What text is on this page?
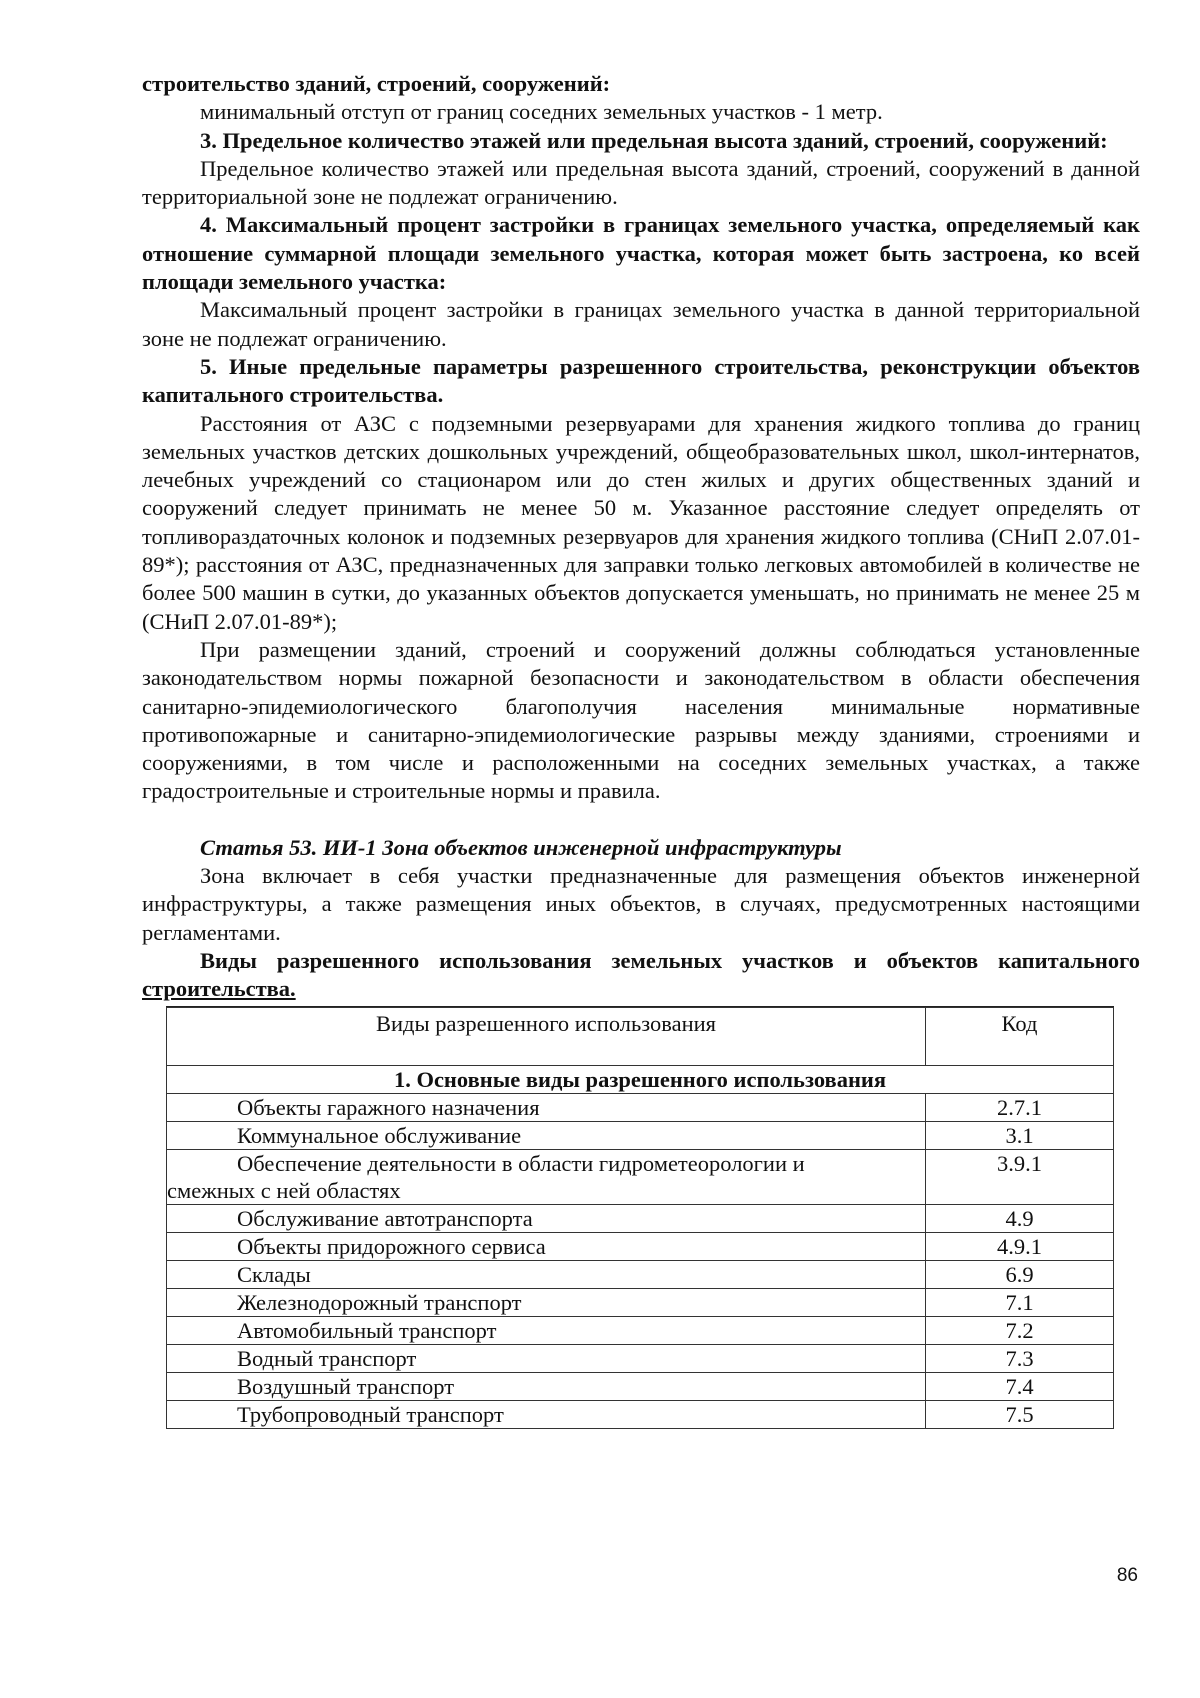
строительство зданий, строений, сооружений:

минимальный отступ от границ соседних земельных участков - 1 метр.

3. Предельное количество этажей или предельная высота зданий, строений, сооружений:

Предельное количество этажей или предельная высота зданий, строений, сооружений в данной территориальной зоне не подлежат ограничению.

4. Максимальный процент застройки в границах земельного участка, определяемый как отношение суммарной площади земельного участка, которая может быть застроена, ко всей площади земельного участка:

Максимальный процент застройки в границах земельного участка в данной территориальной зоне не подлежат ограничению.

5. Иные предельные параметры разрешенного строительства, реконструкции объектов капитального строительства.

Расстояния от АЗС с подземными резервуарами для хранения жидкого топлива до границ земельных участков детских дошкольных учреждений, общеобразовательных школ, школ-интернатов, лечебных учреждений со стационаром или до стен жилых и других общественных зданий и сооружений следует принимать не менее 50 м. Указанное расстояние следует определять от топливораздаточных колонок и подземных резервуаров для хранения жидкого топлива (СНиП 2.07.01-89*); расстояния от АЗС, предназначенных для заправки только легковых автомобилей в количестве не более 500 машин в сутки, до указанных объектов допускается уменьшать, но принимать не менее 25 м (СНиП 2.07.01-89*);

При размещении зданий, строений и сооружений должны соблюдаться установленные законодательством нормы пожарной безопасности и законодательством в области обеспечения санитарно-эпидемиологического благополучия населения минимальные нормативные противопожарные и санитарно-эпидемиологические разрывы между зданиями, строениями и сооружениями, в том числе и расположенными на соседних земельных участках, а также градостроительные и строительные нормы и правила.

Статья 53. ИИ-1 Зона объектов инженерной инфраструктуры

Зона включает в себя участки предназначенные для размещения объектов инженерной инфраструктуры, а также размещения иных объектов, в случаях, предусмотренных настоящими регламентами.

Виды разрешенного использования земельных участков и объектов капитального строительства.

Виды разрешенного использования	Код
1. Основные виды разрешенного использования	

Объекты гаражного назначения	2.7.1

Коммунальное обслуживание	3.1

Обеспечение деятельности в области гидрометеорологии и
смежных с ней областях	3.9.1

Обслуживание автотранспорта	4.9

Объекты придорожного сервиса	4.9.1

Склады	6.9

Железнодорожный транспорт	7.1

Автомобильный транспорт	7.2

Водный транспорт	7.3

Воздушный транспорт	7.4

Трубопроводный транспорт	7.5
86
